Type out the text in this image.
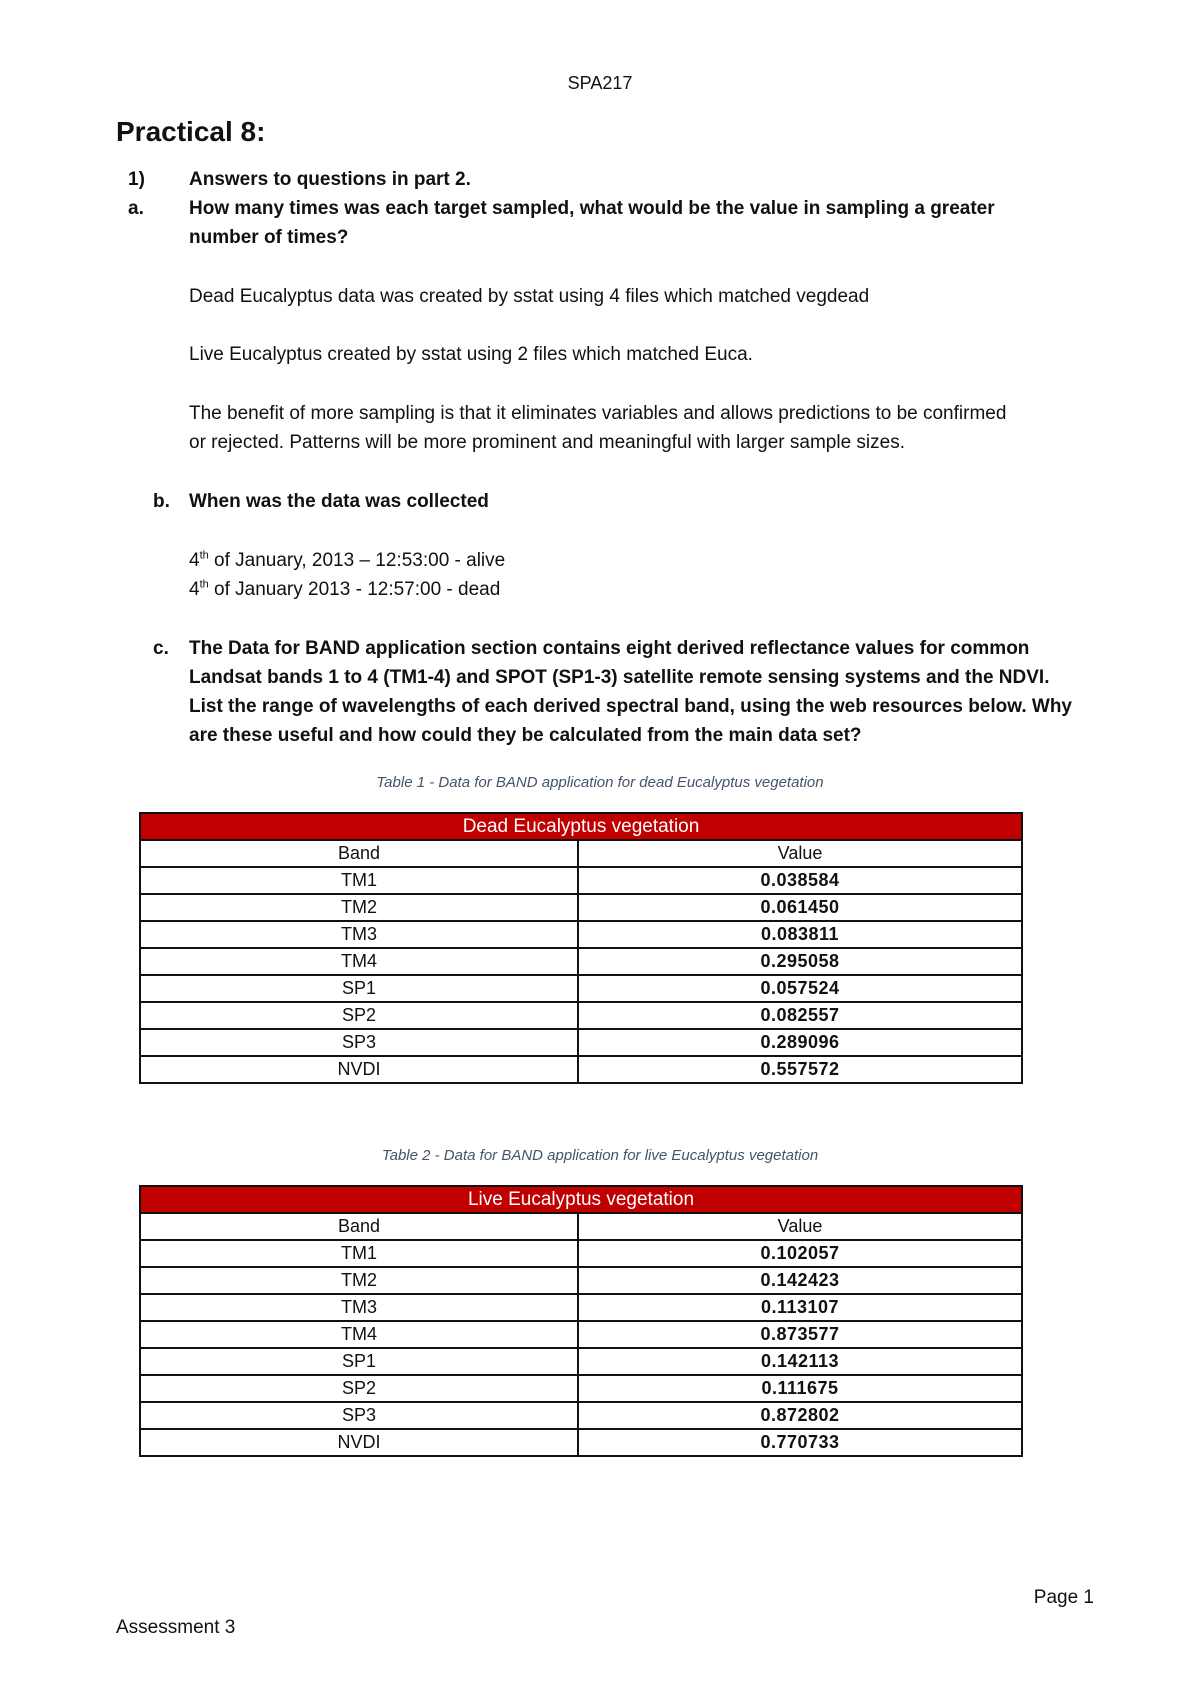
SPA217
Practical 8:
1)	Answers to questions in part 2.
a.	How many times was each target sampled, what would be the value in sampling a greater
number of times?
Dead Eucalyptus data was created by sstat using 4 files which matched vegdead
Live Eucalyptus created by sstat using 2 files which matched Euca.
The benefit of more sampling is that it eliminates variables and allows predictions to be confirmed
or rejected. Patterns will be more prominent and meaningful with larger sample sizes.
b.	When was the data was collected
4th of January, 2013 – 12:53:00 - alive
4th of January 2013 - 12:57:00 - dead
c.	The Data for BAND application section contains eight derived reflectance values for common
Landsat bands 1 to 4 (TM1-4) and SPOT (SP1-3) satellite remote sensing systems and the NDVI.
List the range of wavelengths of each derived spectral band, using the web resources below. Why
are these useful and how could they be calculated from the main data set?
Table 1 - Data for BAND application for dead Eucalyptus vegetation
Dead Eucalyptus vegetation	
Band	Value
TM1	0.038584
TM2	0.061450
TM3	0.083811
TM4	0.295058
SP1	0.057524
SP2	0.082557
SP3	0.289096
NVDI	0.557572
Table 2 - Data for BAND application for live Eucalyptus vegetation
Live Eucalyptus vegetation	
Band	Value
TM1	0.102057
TM2	0.142423
TM3	0.113107
TM4	0.873577
SP1	0.142113
SP2	0.111675
SP3	0.872802
NVDI	0.770733
Page 1
Assessment 3
